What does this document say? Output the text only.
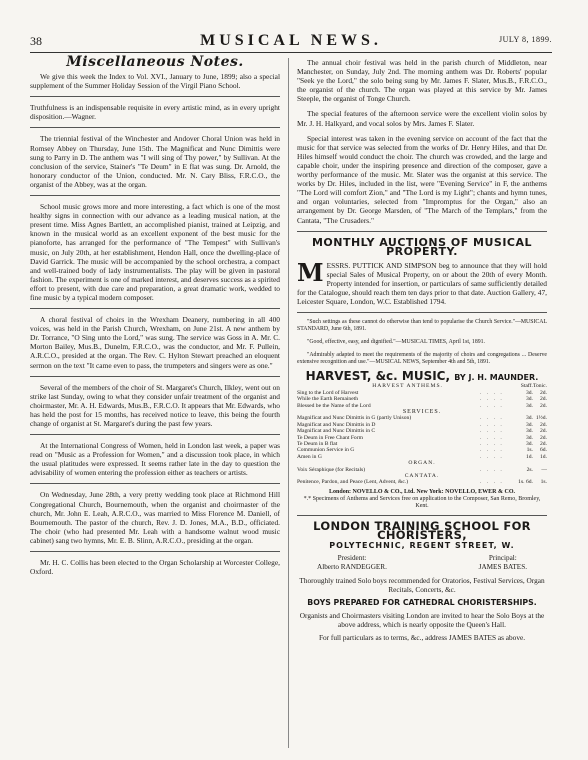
38	MUSICAL NEWS.	JULY 8, 1899.
Miscellaneous Notes.

We give this week the Index to Vol. XVI., January to June, 1899; also a special supplement of the Summer Holiday Session of the Virgil Piano School.

Truthfulness is an indispensable requisite in every artistic mind, as in every upright disposition.—Wagner.

The triennial festival of the Winchester and Andover Choral Union was held in Romsey Abbey on Thursday, June 15th. The Magnificat and Nunc Dimittis were sung to Parry in D. The anthem was "I will sing of Thy power," by Sullivan. At the conclusion of the service, Stainer's "Te Deum" in E flat was sung. Dr. Arnold, the honorary conductor of the Union, conducted. Mr. N. Cary Bliss, F.R.C.O., the organist of the Abbey, was at the organ.

School music grows more and more interesting, a fact which is one of the most healthy signs in connection with our advance as a leading musical nation, at the present time. Miss Agnes Bartlett, an accomplished pianist, trained at Leipzig, and known in the musical world as an excellent exponent of the best music for the pianoforte, has arranged for the performance of "The Tempest" with Sullivan's music, on July 20th, at her establishment, Hendon Hall, once the dwelling-place of David Garrick. The music will be accompanied by the school orchestra, a compact and well-trained body of lady instrumentalists. The play will be given in pastoral fashion. The experiment is one of marked interest, and deserves success as a spirited effort to present, with due care and preparation, a great dramatic work, wedded to fine music by a typical modern composer.

A choral festival of choirs in the Wrexham Deanery, numbering in all 400 voices, was held in the Parish Church, Wrexham, on June 21st. A new anthem by Dr. Torrance, "O Sing unto the Lord," was sung. The service was Goss in A. Mr. C. Morton Bailey, Mus.B., Dunelm, F.R.C.O., was the conductor, and Mr. F. Pullein, A.R.C.O., presided at the organ. The Rev. C. Hylton Stewart preached an eloquent sermon on the text "It came even to pass, the trumpeters and singers were as one."

Several of the members of the choir of St. Margaret's Church, Ilkley, went out on strike last Sunday, owing to what they consider unfair treatment of the organist and choirmaster, Mr. A. H. Edwards, Mus.B., F.R.C.O. It appears that Mr. Edwards, who has held the post for 15 months, has received notice to leave, this being the fourth change of organist at St. Margaret's during the past few years.

At the International Congress of Women, held in London last week, a paper was read on "Music as a Profession for Women," and a discussion took place, in which the usual platitudes were expressed. It seems rather late in the day to question the advisability of women entering the profession either as teachers or artists.

On Wednesday, June 28th, a very pretty wedding took place at Richmond Hill Congregational Church, Bournemouth, when the organist and choirmaster of the church, Mr. John E. Leah, A.R.C.O., was married to Miss Florence M. Daniell, of Bournemouth. The pastor of the church, Rev. J. D. Jones, M.A., B.D., officiated. The choir (who had presented Mr. Leah with a handsome walnut wood music cabinet) sang two hymns, Mr. E. B. Slinn, A.R.C.O., presiding at the organ.

Mr. H. C. Collis has been elected to the Organ Scholarship at Worcester College, Oxford.

The annual choir festival was held in the parish church of Middleton, near Manchester, on Sunday, July 2nd. The morning anthem was Dr. Roberts' popular "Seek ye the Lord," the solo being sung by Mr. James F. Slater, Mus.B., F.R.C.O., the organist of the church. The organ was played at this service by Mr. James Steeple, the organist of Tonge Church.

The special features of the afternoon service were the excellent violin solos by Mr. J. H. Halkyard, and vocal solos by Mrs. James F. Slater.

Special interest was taken in the evening service on account of the fact that the music for that service was selected from the works of Dr. Henry Hiles, and that Dr. Hiles himself would conduct the choir. The church was crowded, and the large and capable choir, under the inspiring presence and direction of the composer, gave a worthy performance of the music. Mr. Slater was the organist at this service. The works by Dr. Hiles, included in the list, were "Evening Service" in F, the anthems "The Lord will comfort Zion," and "The Lord is my Light"; chants and hymn tunes, and organ voluntaries, selected from "Impromptus for the Organ," also an arrangement by Dr. George Marsden, of "The March of the Templars," from the Cantata, "The Crusaders."

MONTHLY AUCTIONS OF MUSICAL PROPERTY.

MESSRS. PUTTICK AND SIMPSON beg to announce that they will hold special Sales of Musical Property, on or about the 20th of every Month. Property intended for insertion, or particulars of same sufficiently detailed for the Catalogue, should reach them ten days prior to that date. Auction Gallery, 47, Leicester Square, London, W.C. Established 1794.

"Such settings as these cannot do otherwise than tend to popularise the Church Service."—MUSICAL STANDARD, June 6th, 1891.

"Good, effective, easy, and dignified."—MUSICAL TIMES, April 1st, 1891.

"Admirably adapted to meet the requirements of the majority of choirs and congregations ... Deserve extensive recognition and use."—MUSICAL NEWS, September 4th and 5th, 1891.

HARVEST, &c. MUSIC, BY J. H. MAUNDER.
HARVEST ANTHEMS.		Staff.	Tonic.
Sing to the Lord of Harvest	. . . .	3d.	2d.
While the Earth Remaineth	. . . .	3d.	2d.
Blessed be the Name of the Lord	. . . .	3d.	2d.
SERVICES.			
Magnificat and Nunc Dimittis in G (partly Unison)	. . . .	3d.	1½d.
Magnificat and Nunc Dimittis in D	. . . .	3d.	2d.
Magnificat and Nunc Dimittis in C	. . . .	3d.	2d.
Te Deum in Free Chant Form	. . . .	3d.	2d.
Te Deum in B flat	. . . .	3d.	2d.
Communion Service in G	. . . .	1s.	6d.
Amen in G	. . . .	1d.	1d.
ORGAN.			
Voix Séraphique (for Recitals)	. . . .	2s.	—
CANTATA.			
Penitence, Pardon, and Peace (Lent, Advent, &c.)	. . . .	1s. 6d.	1s.
London: NOVELLO & CO., Ltd. New York: NOVELLO, EWER & CO.
*.* Specimens of Anthems and Services free on application to the Composer, San Remo, Bromley, Kent.
LONDON TRAINING SCHOOL FOR CHORISTERS,
POLYTECHNIC, REGENT STREET, W.
President:
Alberto RANDEGGER.
Principal:
JAMES BATES.
Thoroughly trained Solo boys recommended for Oratorios, Festival Services, Organ Recitals, Concerts, &c.
BOYS PREPARED FOR CATHEDRAL CHORISTERSHIPS.
Organists and Choirmasters visiting London are invited to hear the Solo Boys at the above address, which is nearly opposite the Queen's Hall.
For full particulars as to terms, &c., address JAMES BATES as above.
